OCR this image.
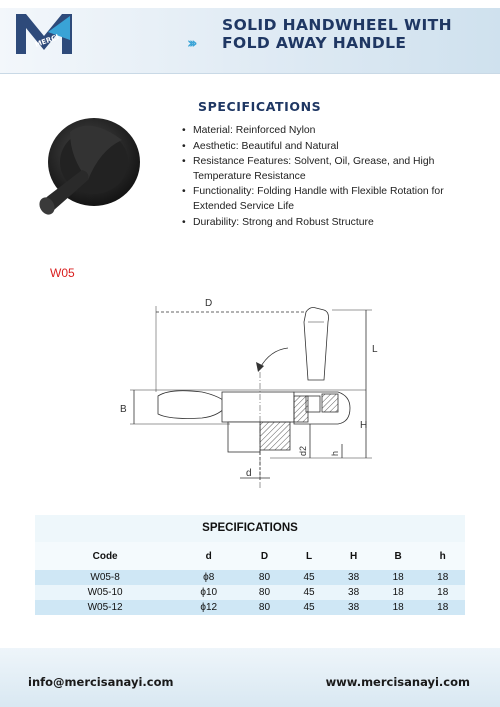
MERCI	›››
SOLID HANDWHEEL WITH
FOLD AWAY HANDLE
SPECIFICATIONS
• Material: Reinforced Nylon
• Aesthetic: Beautiful and Natural
• Resistance Features: Solvent, Oil, Grease, and High Temperature Resistance
• Functionality: Folding Handle with Flexible Rotation for Extended Service Life
• Durability: Strong and Robust Structure
W05
D
L
B
H
d2 h
d
SPECIFICATIONS
Code	d	D	L	H	B	h
W05-8	ϕ8	80	45	38	18	18
W05-10	ϕ10	80	45	38	18	18
W05-12	ϕ12	80	45	38	18	18
info@mercisanayi.com	www.mercisanayi.com
